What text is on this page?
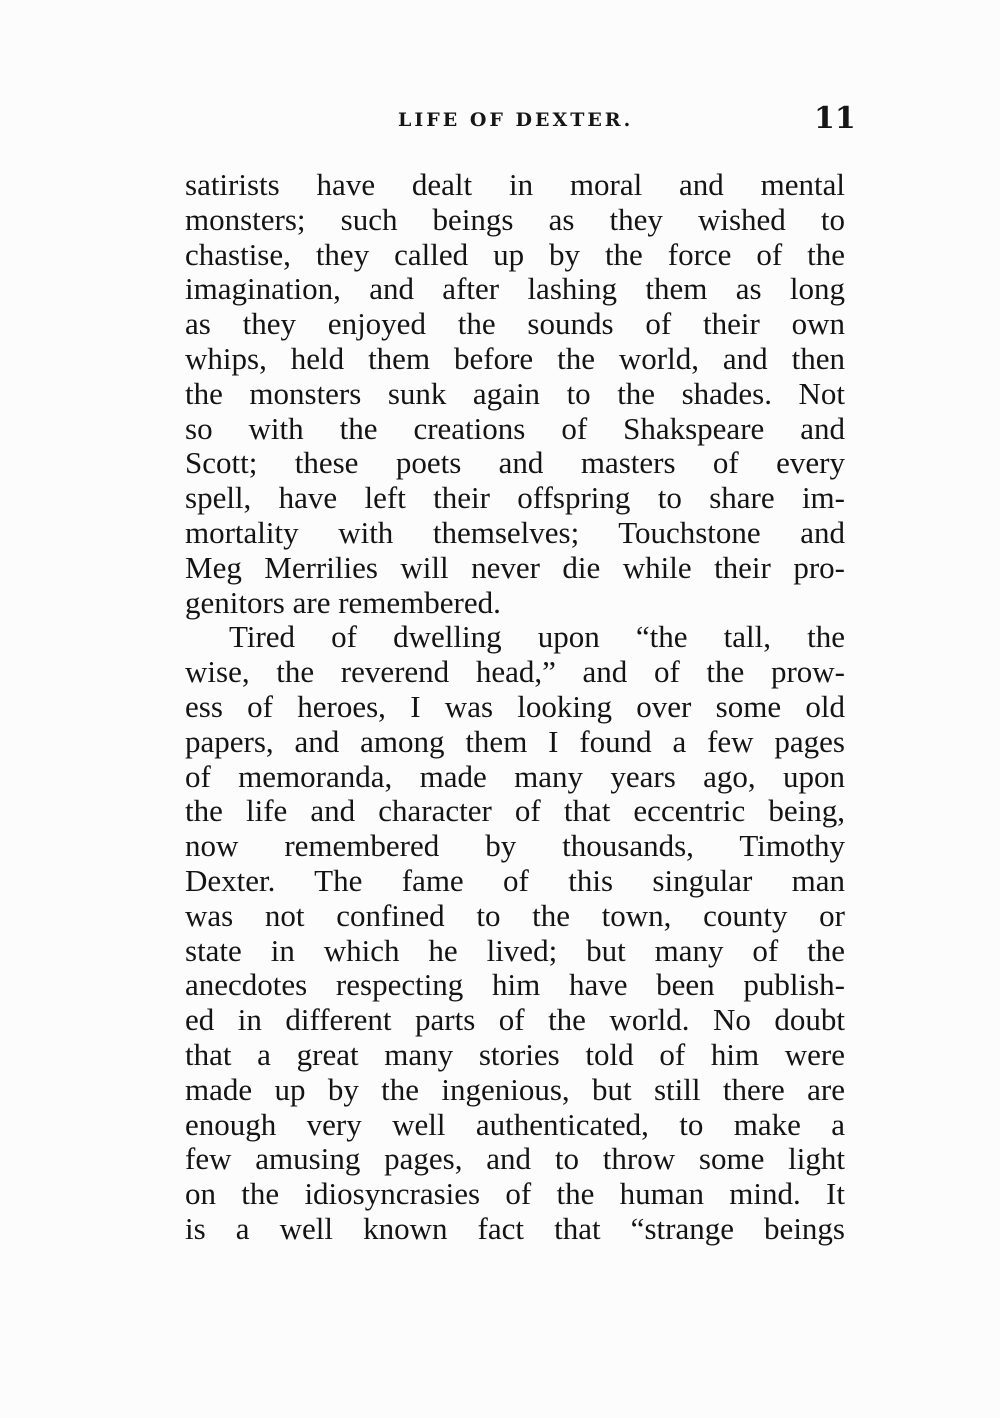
LIFE OF DEXTER.	11
satirists have dealt in moral and mental
monsters; such beings as they wished to
chastise, they called up by the force of the
imagination, and after lashing them as long
as they enjoyed the sounds of their own
whips, held them before the world, and then
the monsters sunk again to the shades. Not
so with the creations of Shakspeare and
Scott; these poets and masters of every
spell, have left their offspring to share im-
mortality with themselves; Touchstone and
Meg Merrilies will never die while their pro-
genitors are remembered.
Tired of dwelling upon “the tall, the
wise, the reverend head,” and of the prow-
ess of heroes, I was looking over some old
papers, and among them I found a few pages
of memoranda, made many years ago, upon
the life and character of that eccentric being,
now remembered by thousands, Timothy
Dexter. The fame of this singular man
was not confined to the town, county or
state in which he lived; but many of the
anecdotes respecting him have been publish-
ed in different parts of the world. No doubt
that a great many stories told of him were
made up by the ingenious, but still there are
enough very well authenticated, to make a
few amusing pages, and to throw some light
on the idiosyncrasies of the human mind. It
is a well known fact that “strange beings
